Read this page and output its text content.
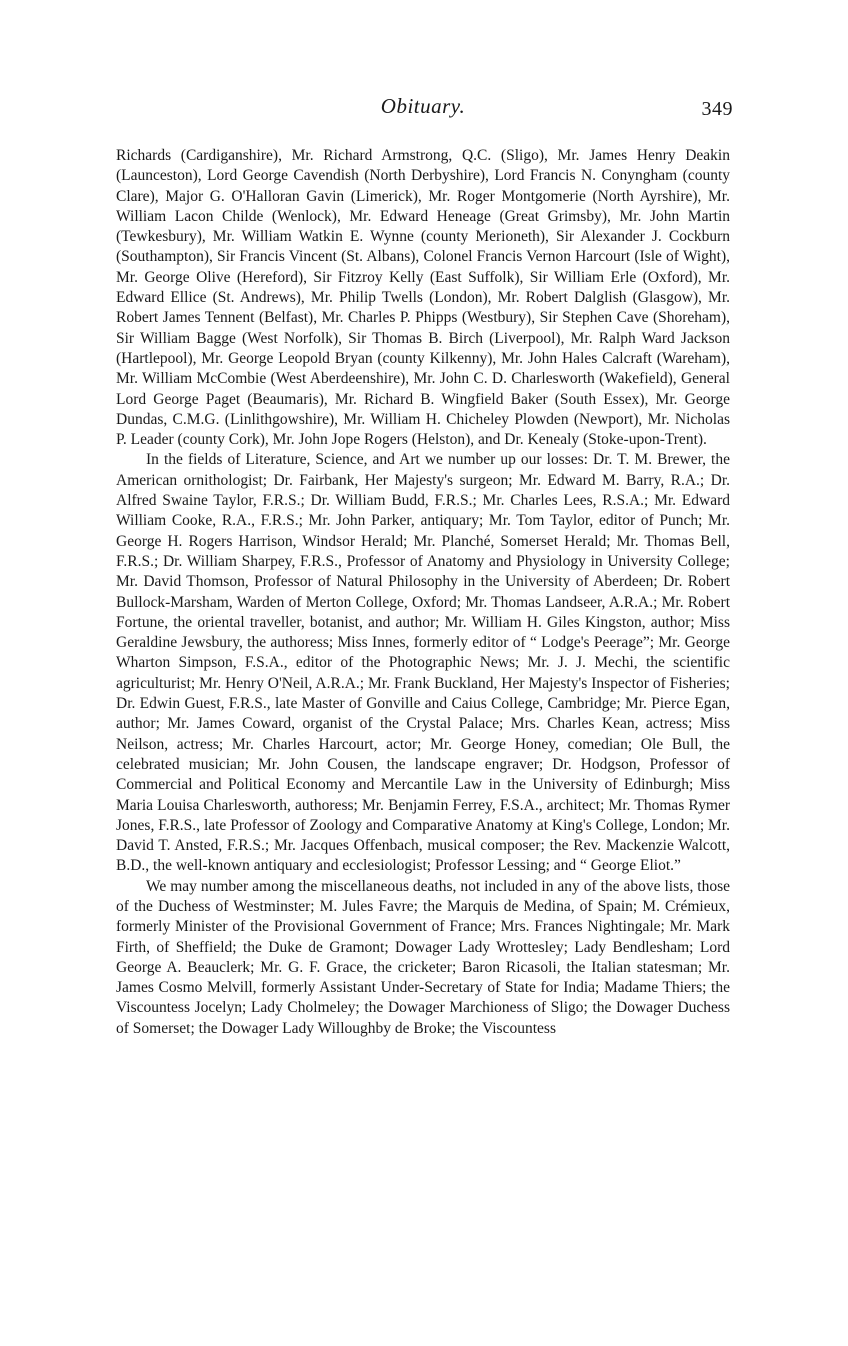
Obituary.	349

Richards (Cardiganshire), Mr. Richard Armstrong, Q.C. (Sligo), Mr. James Henry Deakin (Launceston), Lord George Cavendish (North Derbyshire), Lord Francis N. Conyngham (county Clare), Major G. O'Halloran Gavin (Limerick), Mr. Roger Montgomerie (North Ayrshire), Mr. William Lacon Childe (Wenlock), Mr. Edward Heneage (Great Grimsby), Mr. John Martin (Tewkesbury), Mr. William Watkin E. Wynne (county Merioneth), Sir Alexander J. Cockburn (Southampton), Sir Francis Vincent (St. Albans), Colonel Francis Vernon Harcourt (Isle of Wight), Mr. George Olive (Hereford), Sir Fitzroy Kelly (East Suffolk), Sir William Erle (Oxford), Mr. Edward Ellice (St. Andrews), Mr. Philip Twells (London), Mr. Robert Dalglish (Glasgow), Mr. Robert James Tennent (Belfast), Mr. Charles P. Phipps (Westbury), Sir Stephen Cave (Shoreham), Sir William Bagge (West Norfolk), Sir Thomas B. Birch (Liverpool), Mr. Ralph Ward Jackson (Hartlepool), Mr. George Leopold Bryan (county Kilkenny), Mr. John Hales Calcraft (Wareham), Mr. William McCombie (West Aberdeenshire), Mr. John C. D. Charlesworth (Wakefield), General Lord George Paget (Beaumaris), Mr. Richard B. Wingfield Baker (South Essex), Mr. George Dundas, C.M.G. (Linlithgowshire), Mr. William H. Chicheley Plowden (Newport), Mr. Nicholas P. Leader (county Cork), Mr. John Jope Rogers (Helston), and Dr. Kenealy (Stoke-upon-Trent).

In the fields of Literature, Science, and Art we number up our losses: Dr. T. M. Brewer, the American ornithologist; Dr. Fairbank, Her Majesty's surgeon; Mr. Edward M. Barry, R.A.; Dr. Alfred Swaine Taylor, F.R.S.; Dr. William Budd, F.R.S.; Mr. Charles Lees, R.S.A.; Mr. Edward William Cooke, R.A., F.R.S.; Mr. John Parker, antiquary; Mr. Tom Taylor, editor of Punch; Mr. George H. Rogers Harrison, Windsor Herald; Mr. Planché, Somerset Herald; Mr. Thomas Bell, F.R.S.; Dr. William Sharpey, F.R.S., Professor of Anatomy and Physiology in University College; Mr. David Thomson, Professor of Natural Philosophy in the University of Aberdeen; Dr. Robert Bullock-Marsham, Warden of Merton College, Oxford; Mr. Thomas Landseer, A.R.A.; Mr. Robert Fortune, the oriental traveller, botanist, and author; Mr. William H. Giles Kingston, author; Miss Geraldine Jewsbury, the authoress; Miss Innes, formerly editor of “ Lodge's Peerage”; Mr. George Wharton Simpson, F.S.A., editor of the Photographic News; Mr. J. J. Mechi, the scientific agriculturist; Mr. Henry O'Neil, A.R.A.; Mr. Frank Buckland, Her Majesty's Inspector of Fisheries; Dr. Edwin Guest, F.R.S., late Master of Gonville and Caius College, Cambridge; Mr. Pierce Egan, author; Mr. James Coward, organist of the Crystal Palace; Mrs. Charles Kean, actress; Miss Neilson, actress; Mr. Charles Harcourt, actor; Mr. George Honey, comedian; Ole Bull, the celebrated musician; Mr. John Cousen, the landscape engraver; Dr. Hodgson, Professor of Commercial and Political Economy and Mercantile Law in the University of Edinburgh; Miss Maria Louisa Charlesworth, authoress; Mr. Benjamin Ferrey, F.S.A., architect; Mr. Thomas Rymer Jones, F.R.S., late Professor of Zoology and Comparative Anatomy at King's College, London; Mr. David T. Ansted, F.R.S.; Mr. Jacques Offenbach, musical composer; the Rev. Mackenzie Walcott, B.D., the well-known antiquary and ecclesiologist; Professor Lessing; and “ George Eliot.”

We may number among the miscellaneous deaths, not included in any of the above lists, those of the Duchess of Westminster; M. Jules Favre; the Marquis de Medina, of Spain; M. Crémieux, formerly Minister of the Provisional Government of France; Mrs. Frances Nightingale; Mr. Mark Firth, of Sheffield; the Duke de Gramont; Dowager Lady Wrottesley; Lady Bendlesham; Lord George A. Beauclerk; Mr. G. F. Grace, the cricketer; Baron Ricasoli, the Italian statesman; Mr. James Cosmo Melvill, formerly Assistant Under-Secretary of State for India; Madame Thiers; the Viscountess Jocelyn; Lady Cholmeley; the Dowager Marchioness of Sligo; the Dowager Duchess of Somerset; the Dowager Lady Willoughby de Broke; the Viscountess
